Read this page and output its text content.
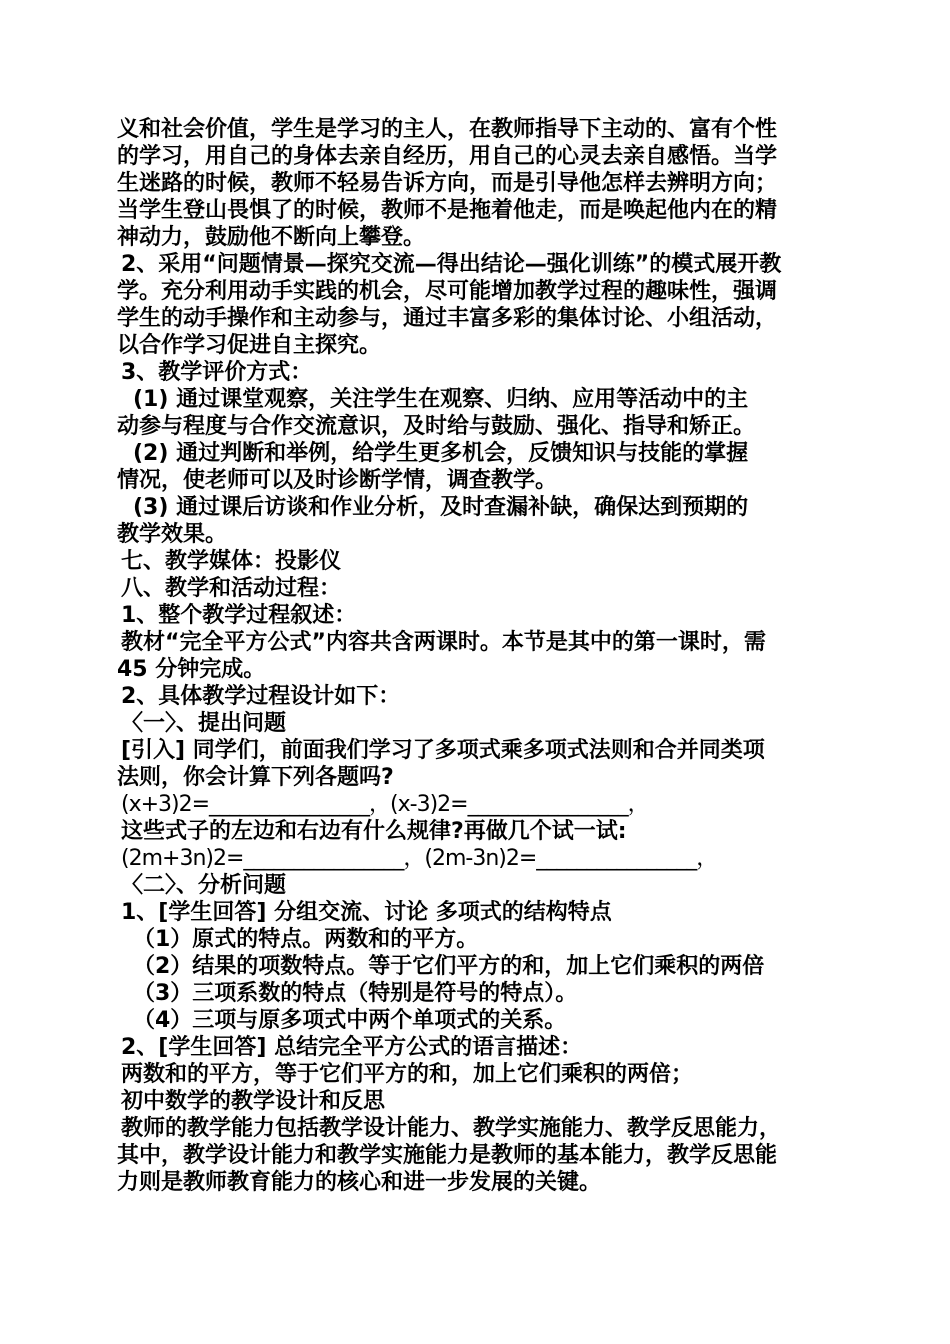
义和社会价值，学生是学习的主人，在教师指导下主动的、富有个性

的学习，用自己的身体去亲自经历，用自己的心灵去亲自感悟。当学

生迷路的时候，教师不轻易告诉方向，而是引导他怎样去辨明方向；

当学生登山畏惧了的时候，教师不是拖着他走，而是唤起他内在的精

神动力，鼓励他不断向上攀登。

2、采用“问题情景—探究交流—得出结论—强化训练”的模式展开教

学。充分利用动手实践的机会，尽可能增加教学过程的趣味性，强调

学生的动手操作和主动参与，通过丰富多彩的集体讨论、小组活动，

以合作学习促进自主探究。

3、教学评价方式：

(1) 通过课堂观察，关注学生在观察、归纳、应用等活动中的主

动参与程度与合作交流意识，及时给与鼓励、强化、指导和矫正。

(2) 通过判断和举例，给学生更多机会，反馈知识与技能的掌握

情况，使老师可以及时诊断学情，调查教学。

(3) 通过课后访谈和作业分析，及时查漏补缺，确保达到预期的

教学效果。

七、教学媒体：投影仪

八、教学和活动过程：

1、整个教学过程叙述：

教材“完全平方公式”内容共含两课时。本节是其中的第一课时，需

45 分钟完成。

2、具体教学过程设计如下：

〈一〉、提出问题

[引入] 同学们，前面我们学习了多项式乘多项式法则和合并同类项

法则，你会计算下列各题吗?

(x+3)2=________________，(x-3)2=________________，

这些式子的左边和右边有什么规律?再做几个试一试:

(2m+3n)2=________________，(2m-3n)2=________________，

〈二〉、分析问题

1、[学生回答] 分组交流、讨论 多项式的结构特点

（1）原式的特点。两数和的平方。

（2）结果的项数特点。等于它们平方的和，加上它们乘积的两倍

（3）三项系数的特点（特别是符号的特点）。

（4）三项与原多项式中两个单项式的关系。

2、[学生回答] 总结完全平方公式的语言描述：

两数和的平方，等于它们平方的和，加上它们乘积的两倍；

初中数学的教学设计和反思

教师的教学能力包括教学设计能力、教学实施能力、教学反思能力，

其中，教学设计能力和教学实施能力是教师的基本能力，教学反思能

力则是教师教育能力的核心和进一步发展的关键。
